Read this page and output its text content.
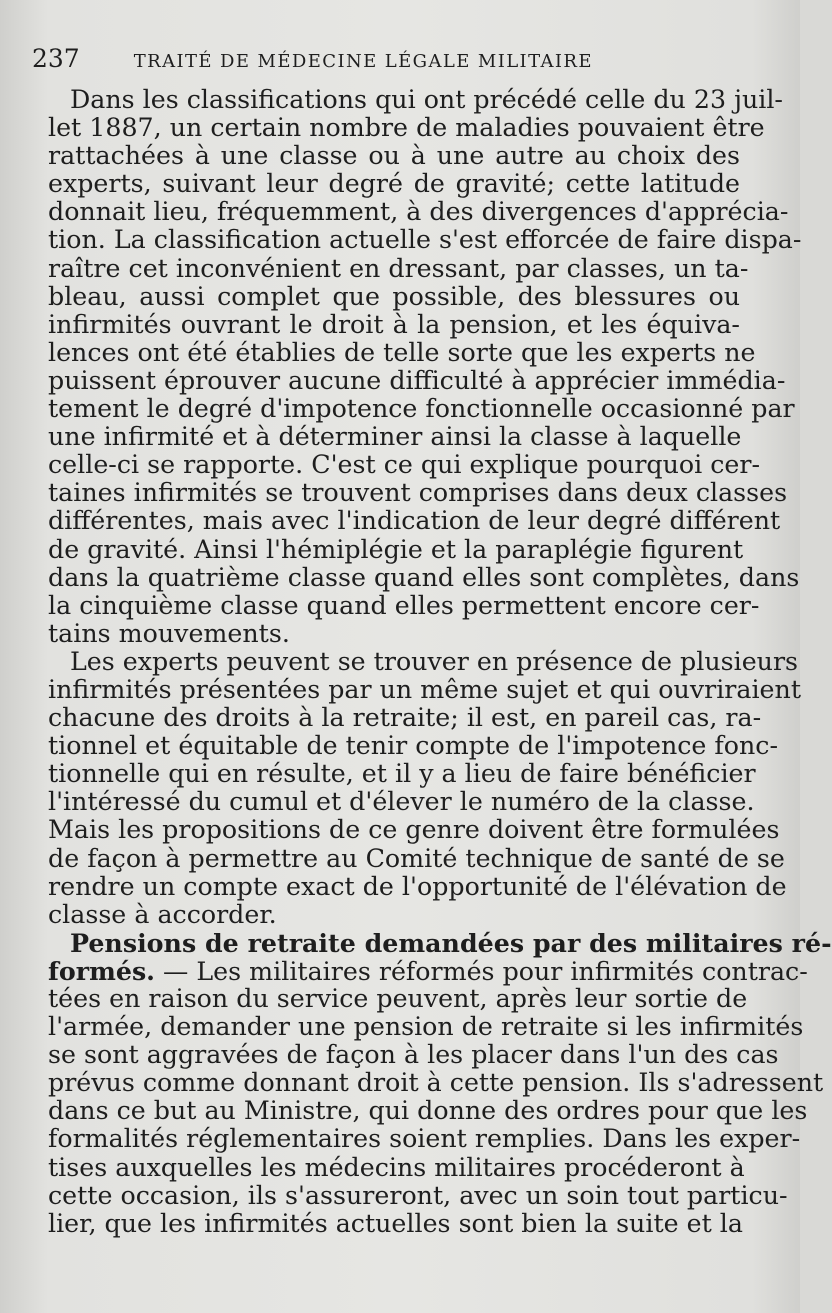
237	TRAITÉ DE MÉDECINE LÉGALE MILITAIRE
Dans les classifications qui ont précédé celle du 23 juil-
let 1887, un certain nombre de maladies pouvaient être
rattachées à une classe ou à une autre au choix des
experts, suivant leur degré de gravité; cette latitude
donnait lieu, fréquemment, à des divergences d'apprécia-
tion. La classification actuelle s'est efforcée de faire dispa-
raître cet inconvénient en dressant, par classes, un ta-
bleau, aussi complet que possible, des blessures ou
infirmités ouvrant le droit à la pension, et les équiva-
lences ont été établies de telle sorte que les experts ne
puissent éprouver aucune difficulté à apprécier immédia-
tement le degré d'impotence fonctionnelle occasionné par
une infirmité et à déterminer ainsi la classe à laquelle
celle-ci se rapporte. C'est ce qui explique pourquoi cer-
taines infirmités se trouvent comprises dans deux classes
différentes, mais avec l'indication de leur degré différent
de gravité. Ainsi l'hémiplégie et la paraplégie figurent
dans la quatrième classe quand elles sont complètes, dans
la cinquième classe quand elles permettent encore cer-
tains mouvements.
Les experts peuvent se trouver en présence de plusieurs
infirmités présentées par un même sujet et qui ouvriraient
chacune des droits à la retraite; il est, en pareil cas, ra-
tionnel et équitable de tenir compte de l'impotence fonc-
tionnelle qui en résulte, et il y a lieu de faire bénéficier
l'intéressé du cumul et d'élever le numéro de la classe.
Mais les propositions de ce genre doivent être formulées
de façon à permettre au Comité technique de santé de se
rendre un compte exact de l'opportunité de l'élévation de
classe à accorder.
Pensions de retraite demandées par des militaires ré-
formés. — Les militaires réformés pour infirmités contrac-
tées en raison du service peuvent, après leur sortie de
l'armée, demander une pension de retraite si les infirmités
se sont aggravées de façon à les placer dans l'un des cas
prévus comme donnant droit à cette pension. Ils s'adressent
dans ce but au Ministre, qui donne des ordres pour que les
formalités réglementaires soient remplies. Dans les exper-
tises auxquelles les médecins militaires procéderont à
cette occasion, ils s'assureront, avec un soin tout particu-
lier, que les infirmités actuelles sont bien la suite et la
